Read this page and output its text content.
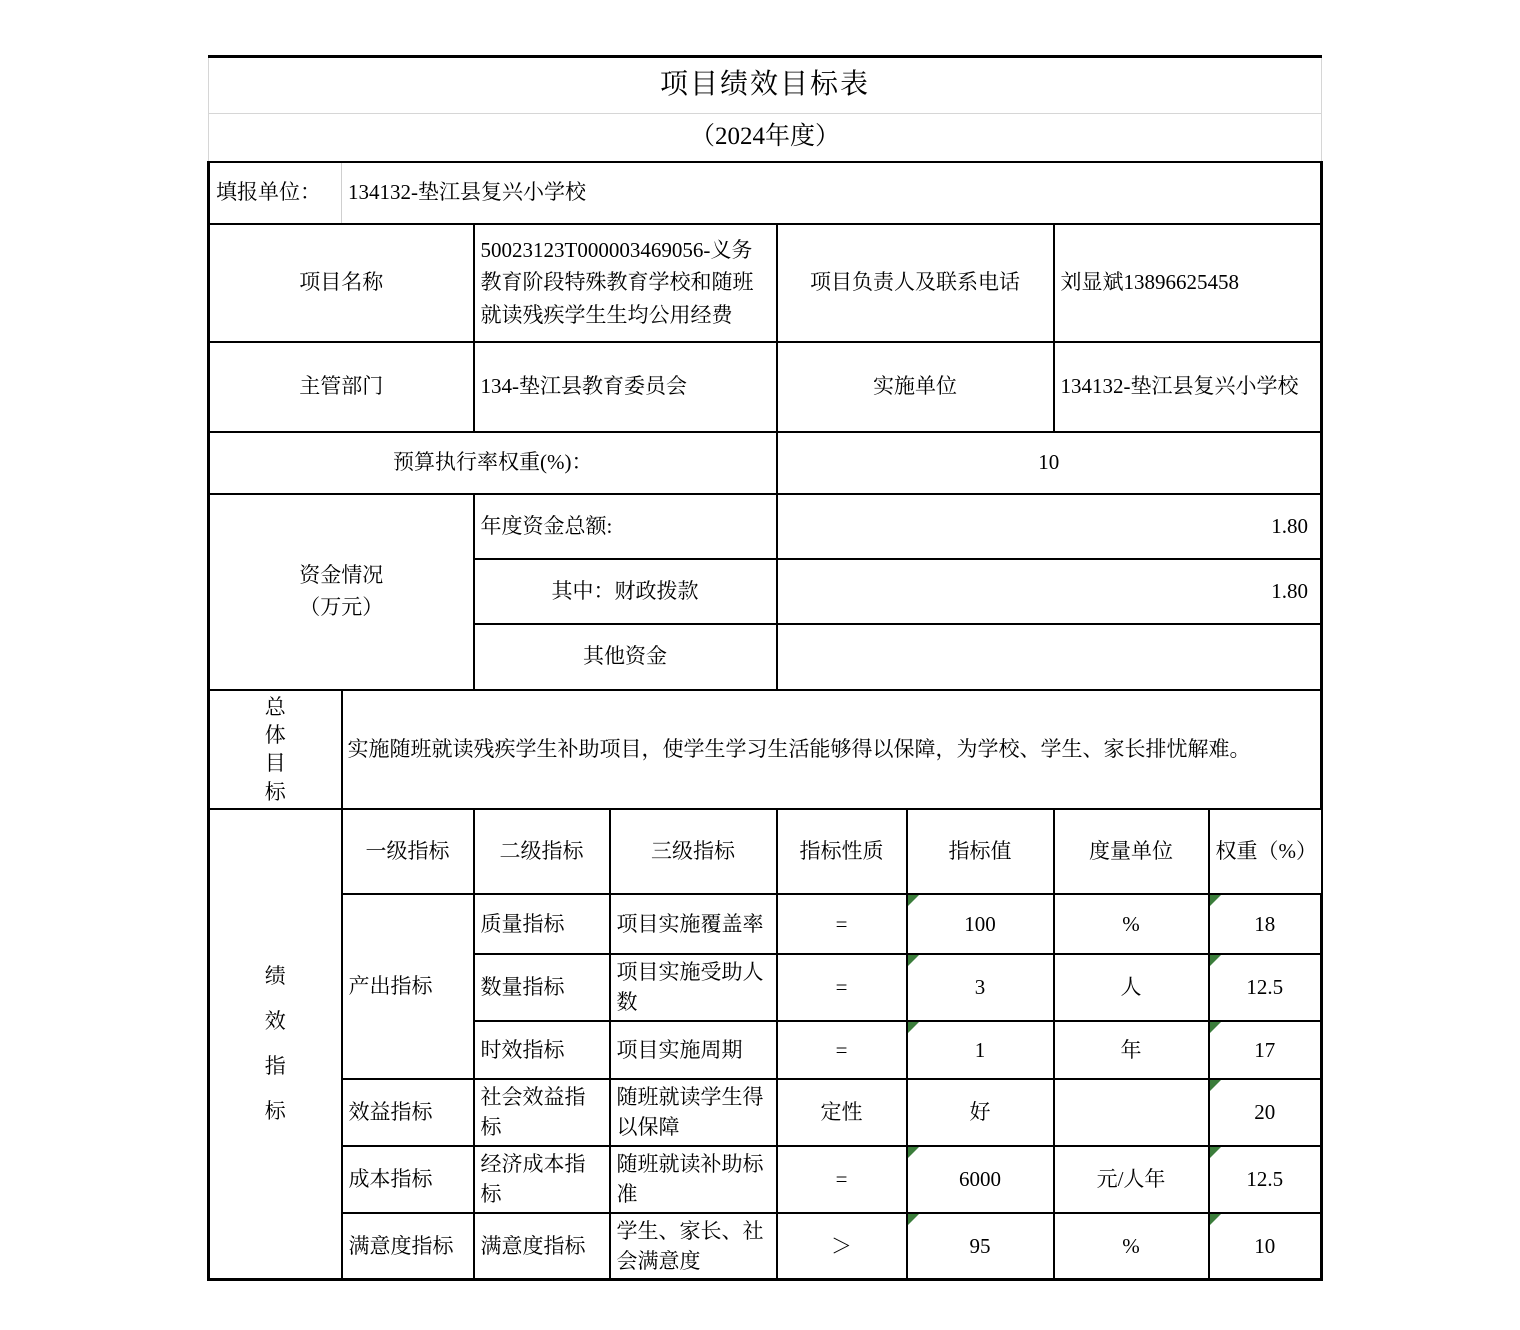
项目绩效目标表							
（2024年度）							
填报单位：	134132-垫江县复兴小学校						
项目名称		50023123T000003469056-义务教育阶段特殊教育学校和随班就读残疾学生生均公用经费		项目负责人及联系电话		刘显斌13896625458	
主管部门		134-垫江县教育委员会		实施单位		134132-垫江县复兴小学校	
预算执行率权重(%)：				10			

资金情况
（万元）		年度资金总额:		1.80			
		其中：财政拨款		1.80			
		其他资金					

总体目标	实施随班就读残疾学生补助项目，使学生学习生活能够得以保障，为学校、学生、家长排忧解难。						

绩效指标	一级指标	二级指标	三级指标	指标性质	指标值	度量单位	权重（%）
	产出指标	质量指标	项目实施覆盖率	=	100	%	18
		数量指标	项目实施受助人数	=	3	人	12.5
		时效指标	项目实施周期	=	1	年	17
	效益指标	社会效益指标	随班就读学生得以保障	定性	好		20
	成本指标	经济成本指标	随班就读补助标准	=	6000	元/人年	12.5
	满意度指标	满意度指标	学生、家长、社会满意度	＞	95	%	10
